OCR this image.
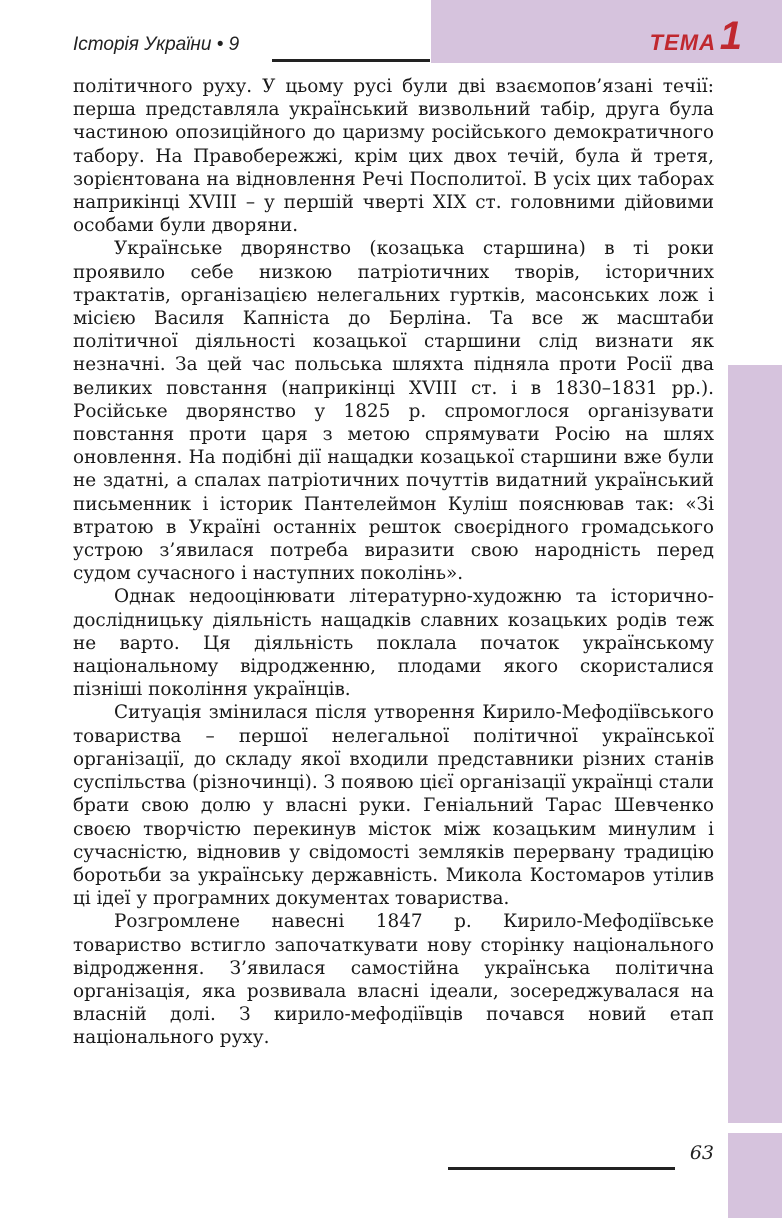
Історія України • 9	ТЕМА 1

політичного руху. У цьому русі були дві взаємопов’язані течії: перша представляла український визвольний табір, друга була частиною опозиційного до царизму російського демократичного табору. На Правобережжі, крім цих двох течій, була й третя, зорієнтована на відновлення Речі Посполитої. В усіх цих таборах наприкінці XVIII – у першій чверті XIX ст. головними дійовими особами були дворяни.

Українське дворянство (козацька старшина) в ті роки проявило себе низкою патріотичних творів, історичних трактатів, організацією нелегальних гуртків, масонських лож і місією Василя Капніста до Берліна. Та все ж масштаби політичної діяльності козацької старшини слід визнати як незначні. За цей час польська шляхта підняла проти Росії два великих повстання (наприкінці XVIII ст. і в 1830–1831 рр.). Російське дворянство у 1825 р. спромоглося організувати повстання проти царя з метою спрямувати Росію на шлях оновлення. На подібні дії нащадки козацької старшини вже були не здатні, а спалах патріотичних почуттів видатний український письменник і історик Пантелеймон Куліш пояснював так: «Зі втратою в Україні останніх решток своєрідного громадського устрою з’явилася потреба виразити свою народність перед судом сучасного і наступних поколінь».

Однак недооцінювати літературно-художню та історично-дослідницьку діяльність нащадків славних козацьких родів теж не варто. Ця діяльність поклала початок українському національному відродженню, плодами якого скористалися пізніші покоління українців.

Ситуація змінилася після утворення Кирило-Мефодіївського товариства – першої нелегальної політичної української організації, до складу якої входили представники різних станів суспільства (різночинці). З появою цієї організації українці стали брати свою долю у власні руки. Геніальний Тарас Шевченко своєю творчістю перекинув місток між козацьким минулим і сучасністю, відновив у свідомості земляків перервану традицію боротьби за українську державність. Микола Костомаров утілив ці ідеї у програмних документах товариства.

Розгромлене навесні 1847 р. Кирило-Мефодіївське товариство встигло започаткувати нову сторінку національного відродження. З’явилася самостійна українська політична організація, яка розвивала власні ідеали, зосереджувалася на власній долі. З кирило-мефодіївців почався новий етап національного руху.

63
